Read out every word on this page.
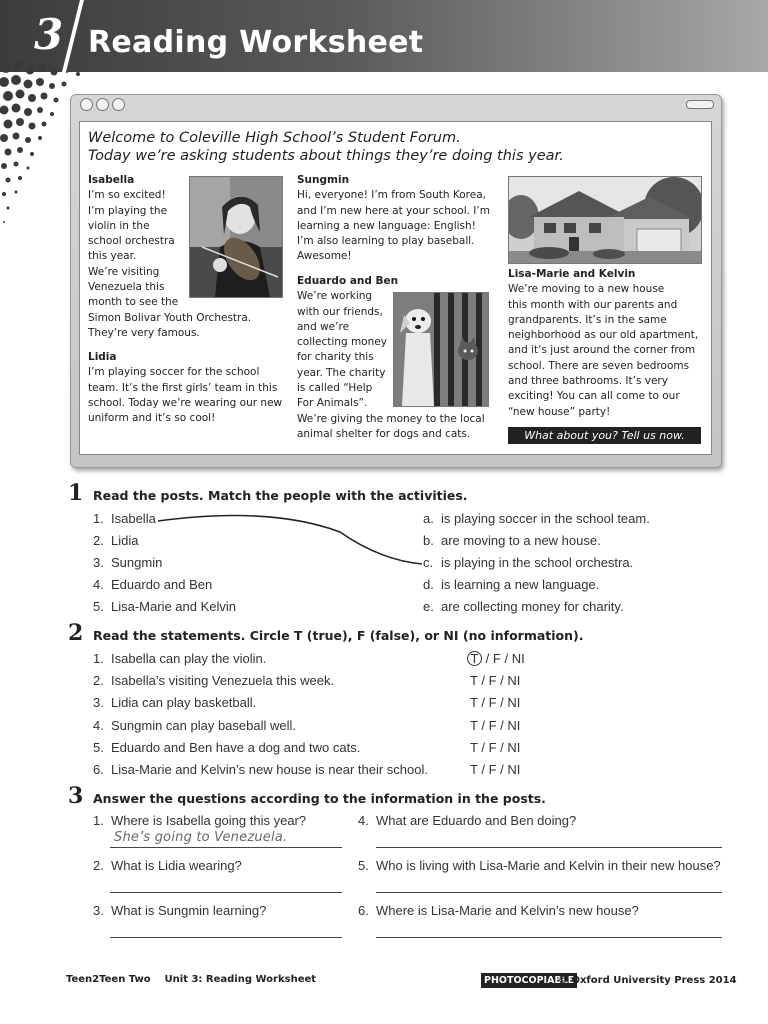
3 Reading Worksheet
Welcome to Coleville High School’s Student Forum.
Today we’re asking students about things they’re doing this year.
Isabella
I’m so excited!
I’m playing the
violin in the
school orchestra
this year.
We’re visiting
Venezuela this
month to see the
Simon Bolivar Youth Orchestra.
They’re very famous.
Lidia
I’m playing soccer for the school
team. It’s the first girls’ team in this
school. Today we’re wearing our new
uniform and it’s so cool!
Sungmin
Hi, everyone! I’m from South Korea,
and I’m new here at your school. I’m
learning a new language: English!
I’m also learning to play baseball.
Awesome!
Eduardo and Ben
We’re working
with our friends,
and we’re
collecting money
for charity this
year. The charity
is called “Help
For Animals”.
We’re giving the money to the local
animal shelter for dogs and cats.
Lisa-Marie and Kelvin
We’re moving to a new house
this month with our parents and
grandparents. It’s in the same
neighborhood as our old apartment,
and it’s just around the corner from
school. There are seven bedrooms
and three bathrooms. It’s very
exciting! You can all come to our
“new house” party!
What about you? Tell us now.
1 Read the posts. Match the people with the activities.
1. Isabella
2. Lidia
3. Sungmin
4. Eduardo and Ben
5. Lisa-Marie and Kelvin
a. is playing soccer in the school team.
b. are moving to a new house.
c. is playing in the school orchestra.
d. is learning a new language.
e. are collecting money for charity.
2 Read the statements. Circle T (true), F (false), or NI (no information).
1. Isabella can play the violin.
2. Isabella’s visiting Venezuela this week.
3. Lidia can play basketball.
4. Sungmin can play baseball well.
5. Eduardo and Ben have a dog and two cats.
6. Lisa-Marie and Kelvin’s new house is near their school.
T / F / NI
T / F / NI
T / F / NI
T / F / NI
T / F / NI
T / F / NI
3 Answer the questions according to the information in the posts.
1. Where is Isabella going this year?
She’s going to Venezuela.
2. What is Lidia wearing?
3. What is Sungmin learning?
4. What are Eduardo and Ben doing?
5. Who is living with Lisa-Marie and Kelvin in their new house?
6. Where is Lisa-Marie and Kelvin’s new house?
Teen2Teen Two    Unit 3: Reading Worksheet	PHOTOCOPIABLE
© Oxford University Press 2014
